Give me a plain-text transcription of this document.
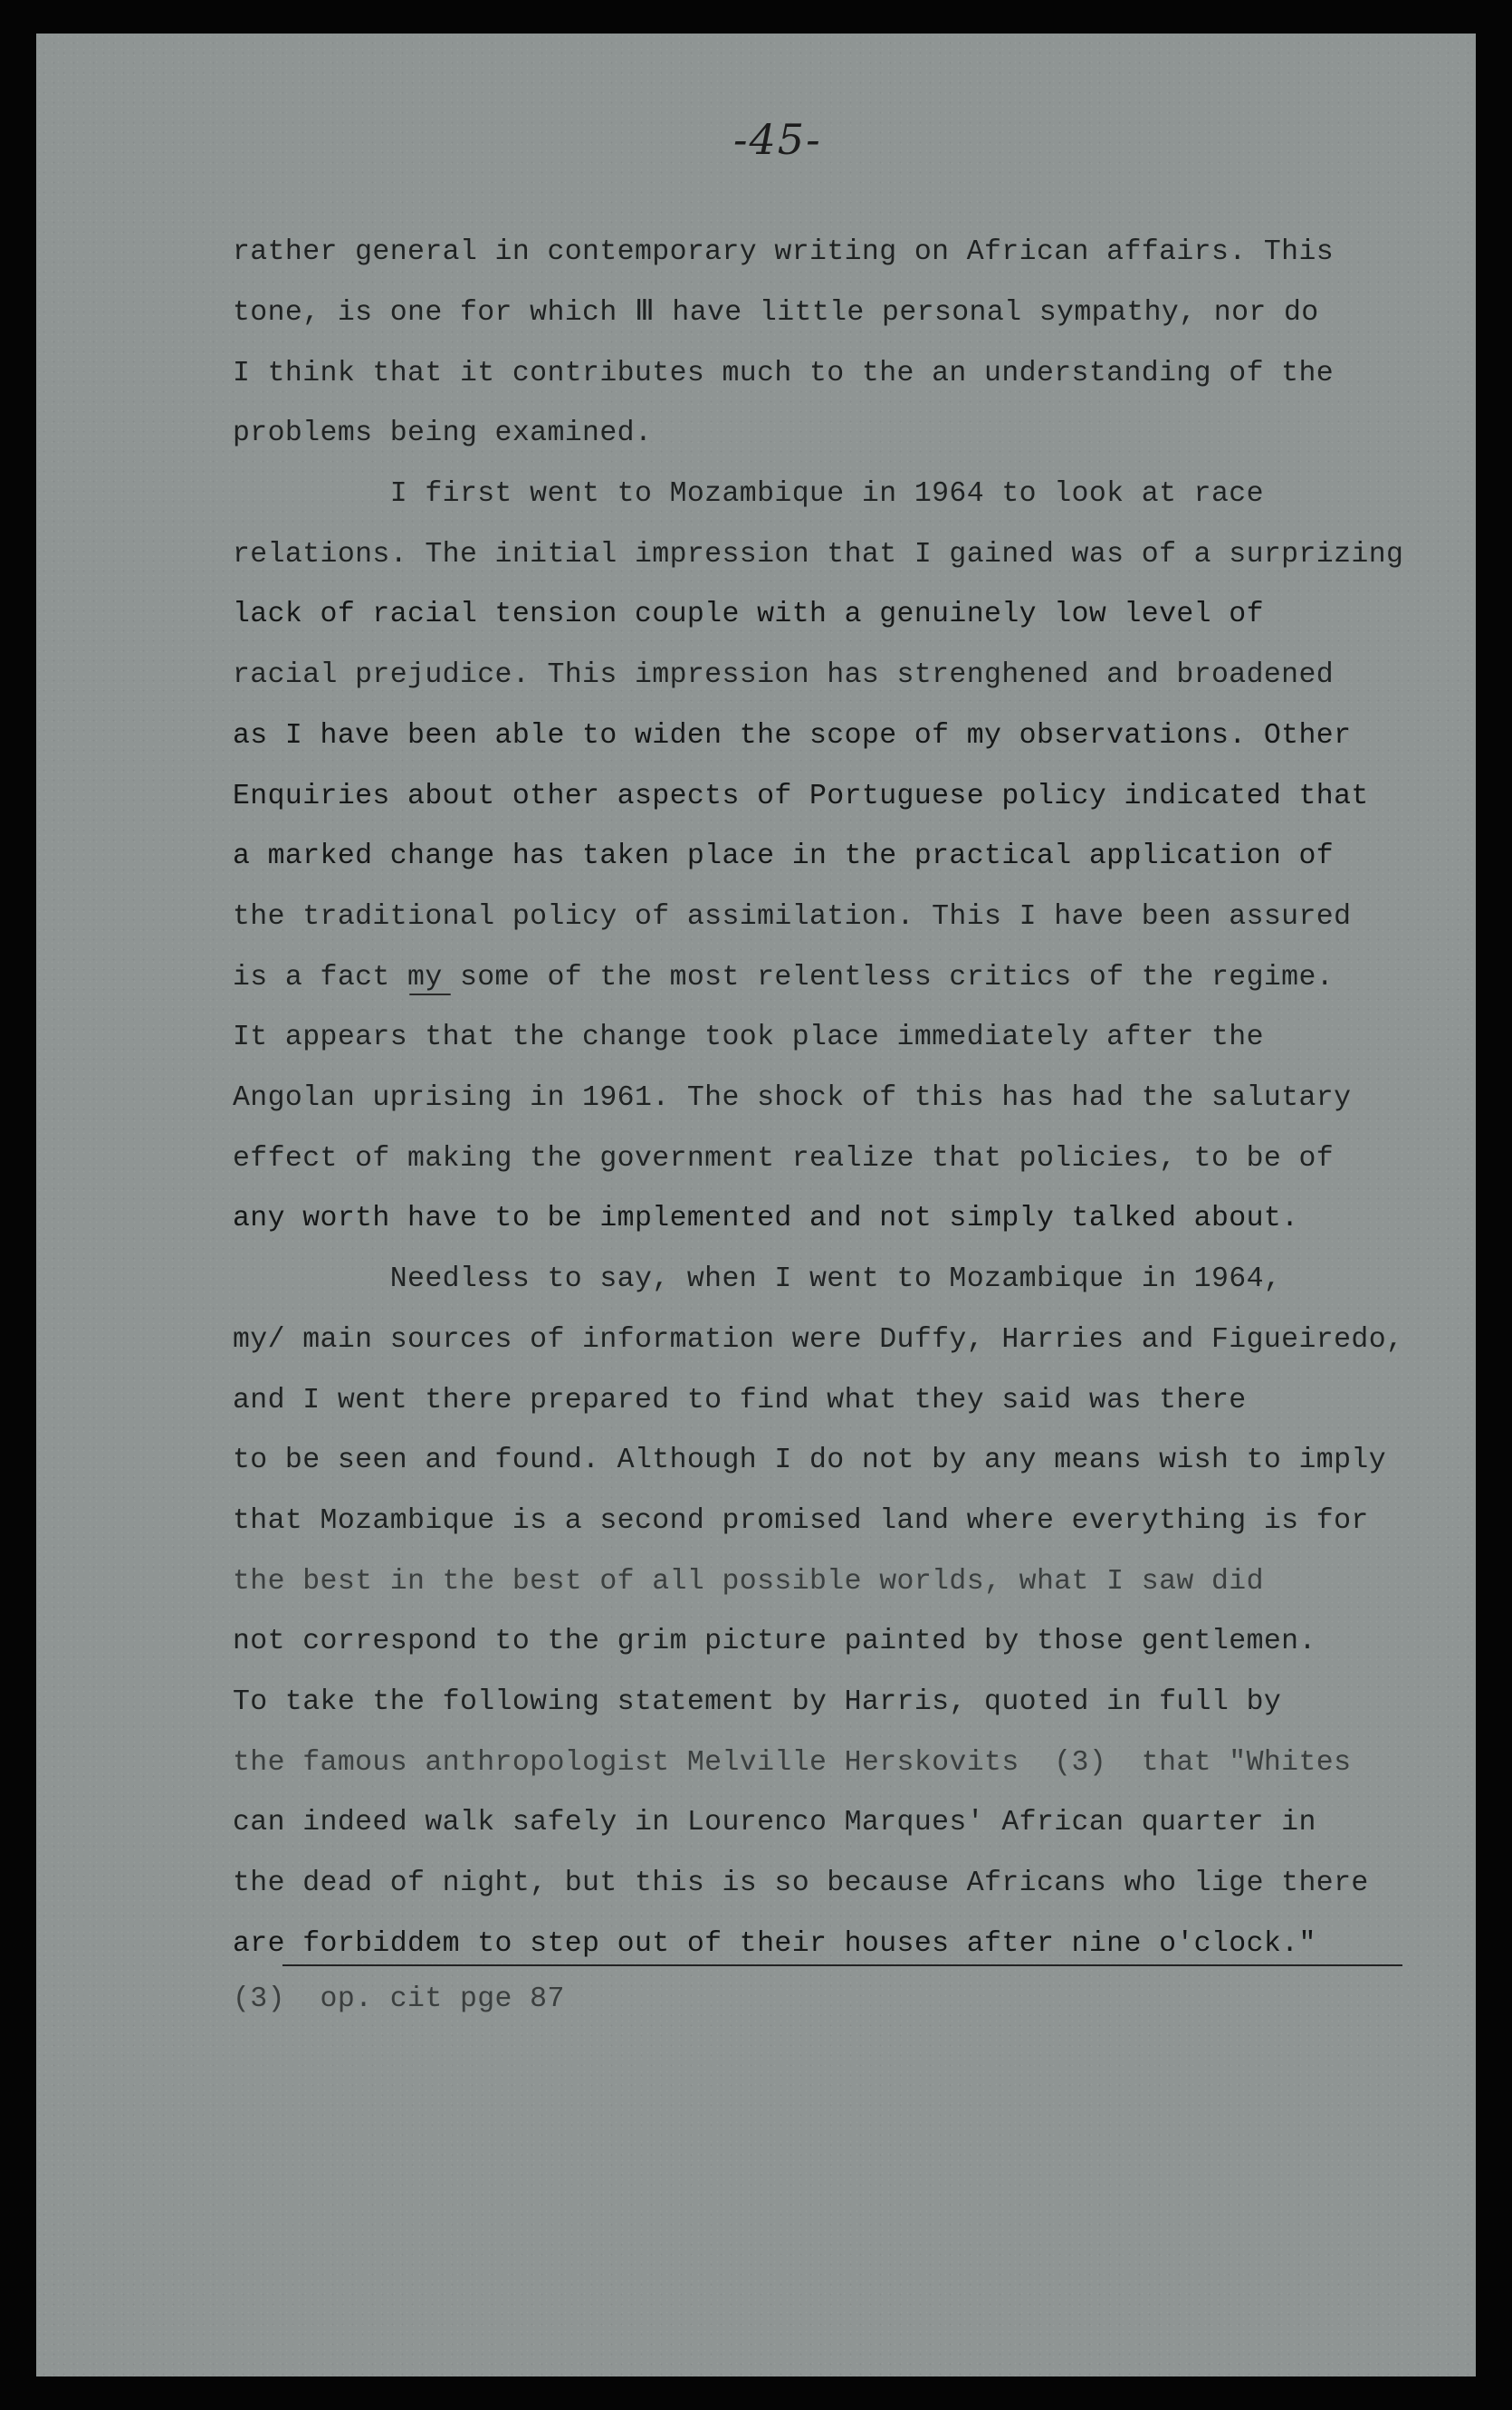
-45-
rather general in contemporary writing on African affairs. This
tone, is one for which Ⅲ have little personal sympathy, nor do
I think that it contributes much to the an understanding of the
problems being examined.
I first went to Mozambique in 1964 to look at race
relations. The initial impression that I gained was of a surprizing
lack of racial tension couple with a genuinely low level of
racial prejudice. This impression has strenghened and broadened
as I have been able to widen the scope of my observations. Other
Enquiries about other aspects of Portuguese policy indicated that
a marked change has taken place in the practical application of
the traditional policy of assimilation. This I have been assured
is a fact my some of the most relentless critics of the regime.
It appears that the change took place immediately after the
Angolan uprising in 1961. The shock of this has had the salutary
effect of making the government realize that policies, to be of
any worth have to be implemented and not simply talked about.
Needless to say, when I went to Mozambique in 1964,
my/ main sources of information were Duffy, Harries and Figueiredo,
and I went there prepared to find what they said was there
to be seen and found. Although I do not by any means wish to imply
that Mozambique is a second promised land where everything is for
the best in the best of all possible worlds, what I saw did
not correspond to the grim picture painted by those gentlemen.
To take the following statement by Harris, quoted in full by
the famous anthropologist Melville Herskovits  (3)  that "Whites
can indeed walk safely in Lourenco Marques' African quarter in
the dead of night, but this is so because Africans who lige there
are forbiddem to step out of their houses after nine o'clock."
(3)  op. cit pge 87
